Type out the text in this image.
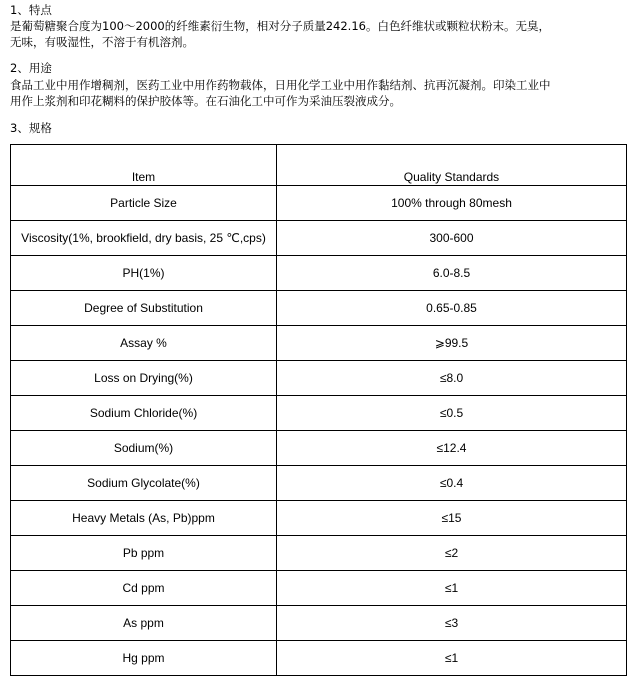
1、特点
是葡萄糖聚合度为100～2000的纤维素衍生物，相对分子质量242.16。白色纤维状或颗粒状粉末。无臭，
无味，有吸湿性，不溶于有机溶剂。
2、用途
食品工业中用作增稠剂，医药工业中用作药物载体，日用化学工业中用作黏结剂、抗再沉凝剂。印染工业中
用作上浆剂和印花糊料的保护胶体等。在石油化工中可作为采油压裂液成分。
3、规格
Item	Quality Standards
Particle Size	100% through 80mesh
Viscosity(1%, brookfield, dry basis, 25 ℃,cps)	300-600
PH(1%)	6.0-8.5
Degree of Substitution	0.65-0.85
Assay %	⩾99.5
Loss on Drying(%)	≤8.0
Sodium Chloride(%)	≤0.5
Sodium(%)	≤12.4
Sodium Glycolate(%)	≤0.4
Heavy Metals (As, Pb)ppm	≤15
Pb ppm	≤2
Cd ppm	≤1
As ppm	≤3
Hg ppm	≤1
